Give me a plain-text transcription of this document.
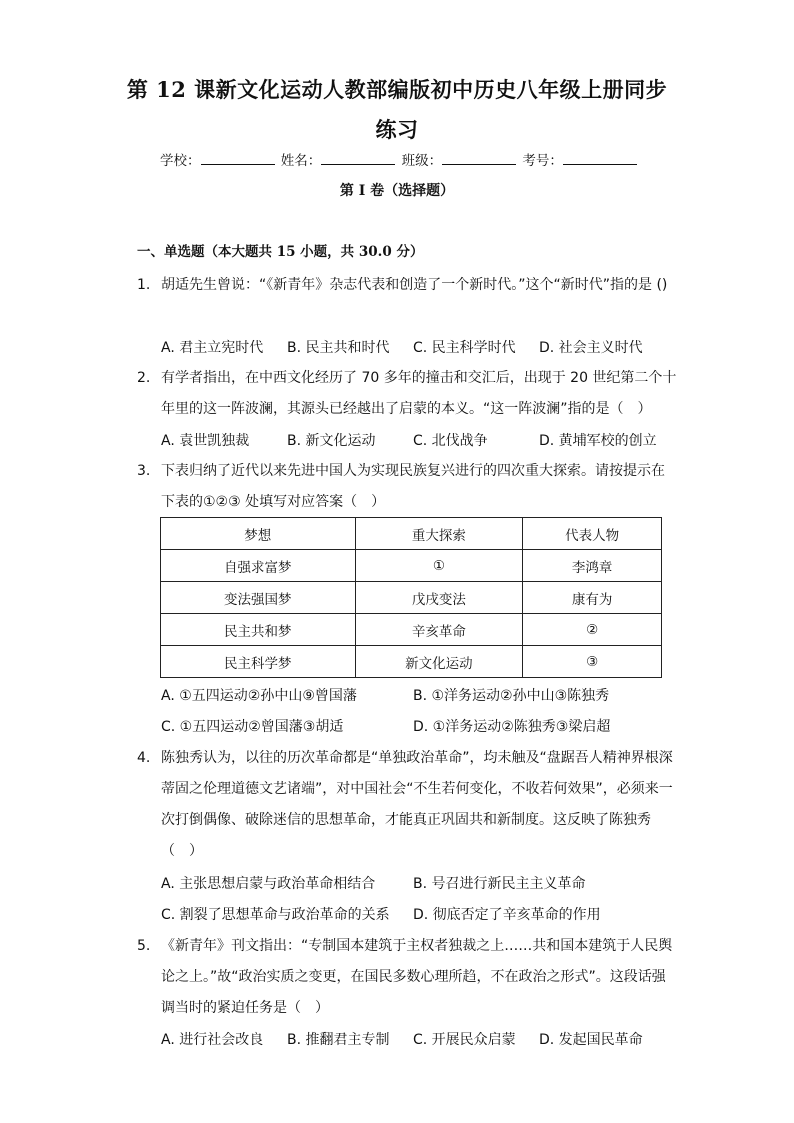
第 12 课新文化运动人教部编版初中历史八年级上册同步
练习
学校：	姓名：	班级：	考号：
第 I 卷（选择题）
一、单选题（本大题共 15 小题，共 30.0 分）
1. 胡适先生曾说：“《新青年》杂志代表和创造了一个新时代。”这个“新时代”指的是 ()
A. 君主立宪时代 B. 民主共和时代 C. 民主科学时代 D. 社会主义时代
2. 有学者指出，在中西文化经历了 70 多年的撞击和交汇后，出现于 20 世纪第二个十年里的这一阵波澜，其源头已经越出了启蒙的本义。“这一阵波澜”指的是（　）
A. 袁世凯独裁	B. 新文化运动	C. 北伐战争	D. 黄埔军校的创立
3. 下表归纳了近代以来先进中国人为实现民族复兴进行的四次重大探索。请按提示在下表的①②③ 处填写对应答案（　）
梦想	重大探索	代表人物
自强求富梦	①	李鸿章
变法强国梦	戊戌变法	康有为
民主共和梦	辛亥革命	②
民主科学梦	新文化运动	③
A. ①五四运动②孙中山⑨曾国藩	B. ①洋务运动②孙中山③陈独秀
C. ①五四运动②曾国藩③胡适	D. ①洋务运动②陈独秀③梁启超
4. 陈独秀认为，以往的历次革命都是“单独政治革命”，均未触及“盘踞吾人精神界根深蒂固之伦理道德文艺诸端”，对中国社会“不生若何变化，不收若何效果”，必须来一次打倒偶像、破除迷信的思想革命，才能真正巩固共和新制度。这反映了陈独秀（　）
A. 主张思想启蒙与政治革命相结合	B. 号召进行新民主主义革命
C. 割裂了思想革命与政治革命的关系 D. 彻底否定了辛亥革命的作用
5. 《新青年》刊文指出：“专制国本建筑于主权者独裁之上……共和国本建筑于人民舆论之上。”故“政治实质之变更，在国民多数心理所趋，不在政治之形式”。这段话强调当时的紧迫任务是（　）
A. 进行社会改良 B. 推翻君主专制 C. 开展民众启蒙 D. 发起国民革命
